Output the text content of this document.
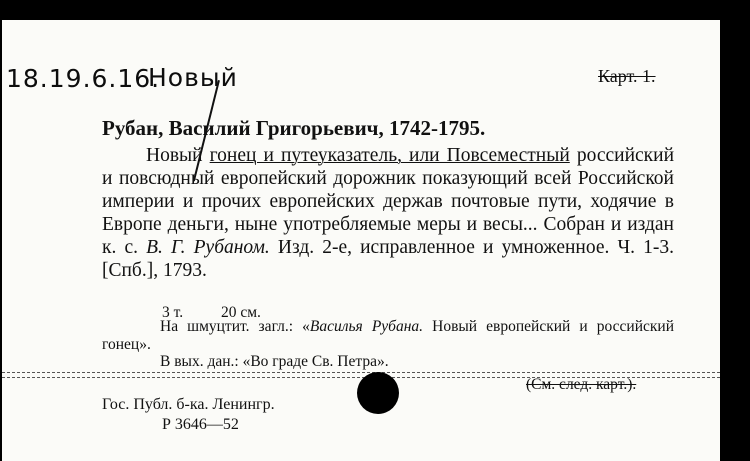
18.19.6.16.
Новый	Карт. 1.
Рубан, Василий Григорьевич, 1742-1795.
Новый гонец и путеуказатель, или Повсеместный российский и повсюдный европейский дорожник показующий всей Российской империи и прочих европейских держав почтовые пути, ходячие в Европе деньги, ныне употребляемые меры и весы... Собран и издан к. с. В. Г. Рубаном. Изд. 2-е, исправленное и умноженное. Ч. 1-3. [Спб.], 1793.
3 т. 20 см.
На шмуцтит. загл.: «Василья Рубана. Новый европейский и российский гонец».
В вых. дан.: «Во граде Св. Петра».
(См. след. карт.).
Гос. Публ. б-ка. Ленингр.
Р 3646—52
